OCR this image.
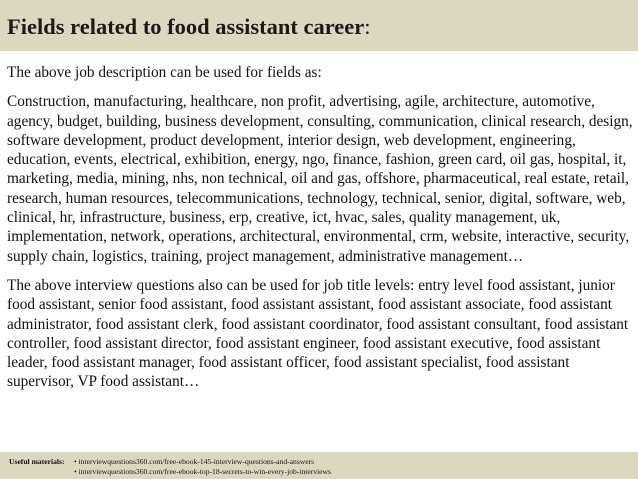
Fields related to food assistant career:

The above job description can be used for fields as:

Construction, manufacturing, healthcare, non profit, advertising, agile, architecture, automotive, agency, budget, building, business development, consulting, communication, clinical research, design, software development, product development, interior design, web development, engineering, education, events, electrical, exhibition, energy, ngo, finance, fashion, green card, oil gas, hospital, it, marketing, media, mining, nhs, non technical, oil and gas, offshore, pharmaceutical, real estate, retail, research, human resources, telecommunications, technology, technical, senior, digital, software, web, clinical, hr, infrastructure, business, erp, creative, ict, hvac, sales, quality management, uk, implementation, network, operations, architectural, environmental, crm, website, interactive, security, supply chain, logistics, training, project management, administrative management…

The above interview questions also can be used for job title levels: entry level food assistant, junior food assistant, senior food assistant, food assistant assistant, food assistant associate, food assistant administrator, food assistant clerk, food assistant coordinator, food assistant consultant, food assistant controller, food assistant director, food assistant engineer, food assistant executive, food assistant leader, food assistant manager, food assistant officer, food assistant specialist, food assistant supervisor, VP food assistant…

Useful materials:
•	interviewquestions360.com/free-ebook-145-interview-questions-and-answers
• interviewquestions360.com/free-ebook-top-18-secrets-to-win-every-job-interviews
